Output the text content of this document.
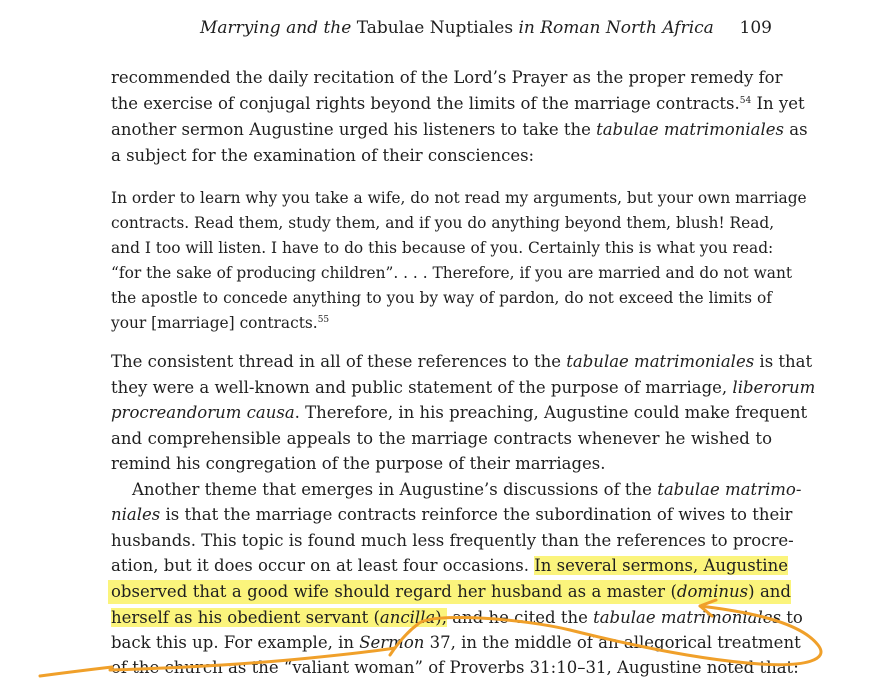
Marrying and the Tabulae Nuptiales in Roman North Africa 109
recommended the daily recitation of the Lord’s Prayer as the proper remedy for
the exercise of conjugal rights beyond the limits of the marriage contracts.$^{54}$ In yet
another sermon Augustine urged his listeners to take the tabulae matrimoniales as
a subject for the examination of their consciences:
In order to learn why you take a wife, do not read my arguments, but your own marriage
contracts. Read them, study them, and if you do anything beyond them, blush! Read,
and I too will listen. I have to do this because of you. Certainly this is what you read:
“for the sake of producing children”. . . . Therefore, if you are married and do not want
the apostle to concede anything to you by way of pardon, do not exceed the limits of
your [marriage] contracts.$^{55}$
The consistent thread in all of these references to the tabulae matrimoniales is that
they were a well-known and public statement of the purpose of marriage, liberorum
procreandorum causa. Therefore, in his preaching, Augustine could make frequent
and comprehensible appeals to the marriage contracts whenever he wished to
remind his congregation of the purpose of their marriages.
Another theme that emerges in Augustine’s discussions of the tabulae matrimo-
niales is that the marriage contracts reinforce the subordination of wives to their
husbands. This topic is found much less frequently than the references to procre-
ation, but it does occur on at least four occasions. In several sermons, Augustine
observed that a good wife should regard her husband as a master (dominus) and
herself as his obedient servant (ancilla), and he cited the tabulae matrimoniales to
back this up. For example, in Sermon 37, in the middle of an allegorical treatment
of the church as the “valiant woman” of Proverbs 31:10–31, Augustine noted that:
